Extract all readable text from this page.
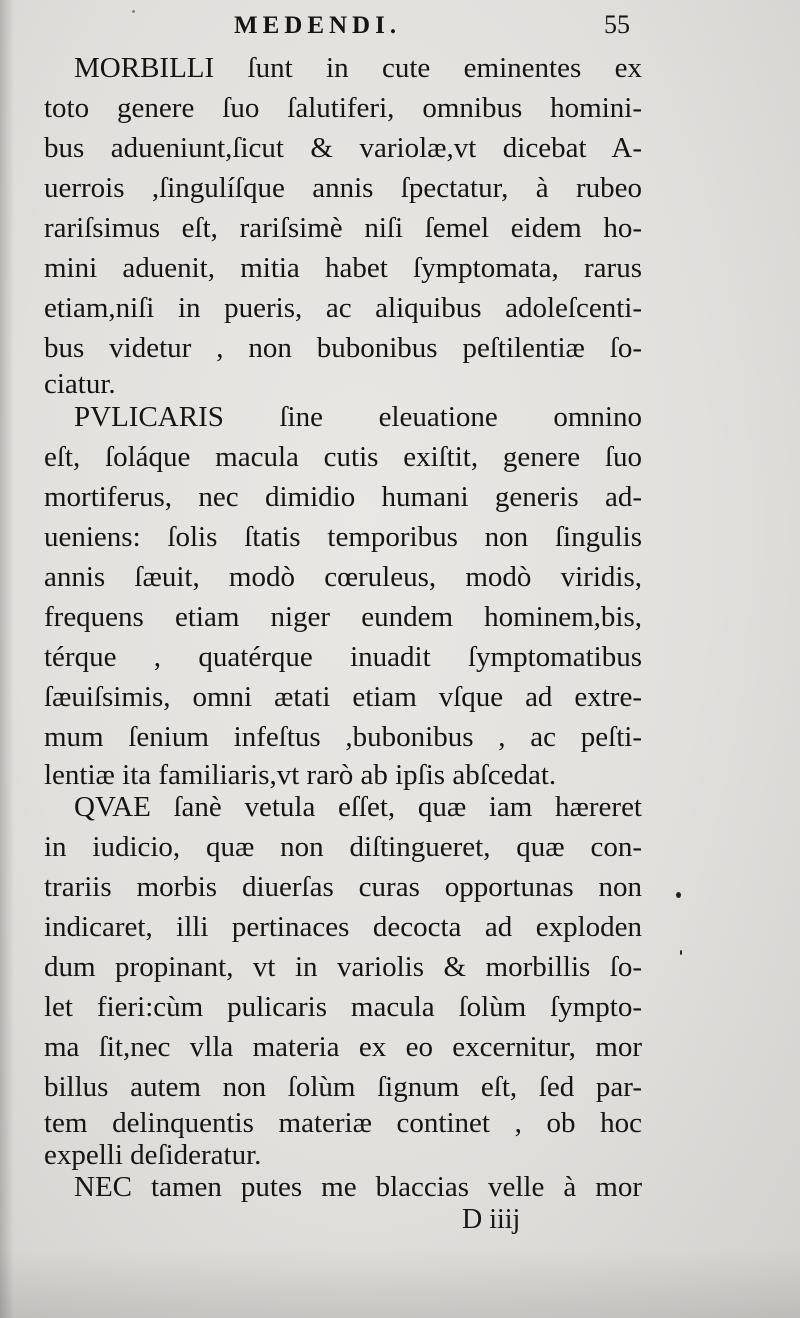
MEDENDI.	55
MORBILLI ſunt in cute eminentes ex
toto genere ſuo ſalutiferi, omnibus homini-
bus adueniunt,ſicut & variolæ,vt dicebat A-
uerrois ,ſingulíſque annis ſpectatur, à rubeo
rariſsimus eſt, rariſsimè niſi ſemel eidem ho-
mini aduenit, mitia habet ſymptomata, rarus
etiam,niſi in pueris, ac aliquibus adoleſcenti-
bus videtur , non bubonibus peſtilentiæ ſo-
ciatur.
PVLICARIS ſine eleuatione omnino
eſt, ſoláque macula cutis exiſtit, genere ſuo
mortiferus, nec dimidio humani generis ad-
ueniens: ſolis ſtatis temporibus non ſingulis
annis ſæuit, modò cœruleus, modò viridis,
frequens etiam niger eundem hominem,bis,
térque , quatérque inuadit ſymptomatibus
ſæuiſsimis, omni ætati etiam vſque ad extre-
mum ſenium infeſtus ,bubonibus , ac peſti-
lentiæ ita familiaris,vt rarò ab ipſis abſcedat.
QVAE ſanè vetula eſſet, quæ iam hæreret
in iudicio, quæ non diſtingueret, quæ con-
trariis morbis diuerſas curas opportunas non
indicaret, illi pertinaces decocta ad exploden
dum propinant, vt in variolis & morbillis ſo-
let fieri:cùm pulicaris macula ſolùm ſympto-
ma ſit,nec vlla materia ex eo excernitur, mor
billus autem non ſolùm ſignum eſt, ſed par-
tem delinquentis materiæ continet , ob hoc
expelli deſideratur.
NEC tamen putes me blaccias velle à mor
D iiij
